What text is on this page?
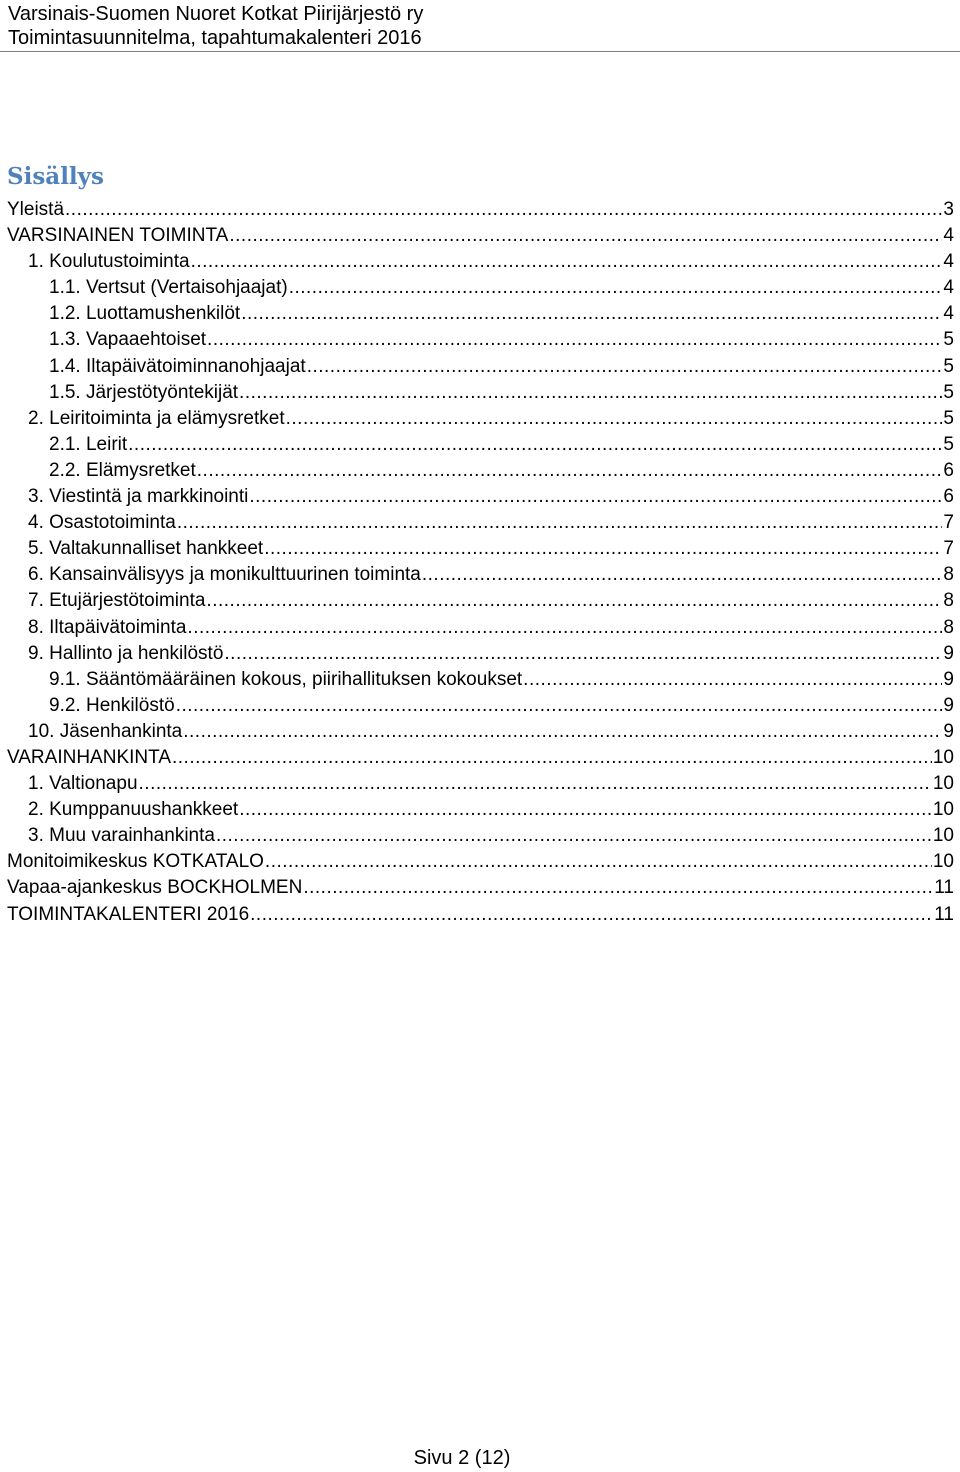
Varsinais-Suomen Nuoret Kotkat Piirijärjestö ry
Toimintasuunnitelma, tapahtumakalenteri 2016
Sisällys
Yleistä .....	3
VARSINAINEN TOIMINTA .....	4
1. Koulutustoiminta .....	4
1.1. Vertsut (Vertaisohjaajat) .....	4
1.2. Luottamushenkilöt .....	4
1.3. Vapaaehtoiset .....	5
1.4. Iltapäivätoiminnanohjaajat .....	5
1.5. Järjestötyöntekijät .....	5
2. Leiritoiminta ja elämysretket .....	5
2.1. Leirit .....	5
2.2. Elämysretket .....	6
3. Viestintä ja markkinointi .....	6
4. Osastotoiminta .....	7
5. Valtakunnalliset hankkeet .....	7
6. Kansainvälisyys ja monikulttuurinen toiminta .....	8
7. Etujärjestötoiminta .....	8
8. Iltapäivätoiminta .....	8
9. Hallinto ja henkilöstö .....	9
9.1. Sääntömääräinen kokous, piirihallituksen kokoukset .....	9
9.2. Henkilöstö .....	9
10. Jäsenhankinta .....	9
VARAINHANKINTA .....	10
1. Valtionapu .....	10
2. Kumppanuushankkeet .....	10
3. Muu varainhankinta .....	10
Monitoimikeskus KOTKATALO .....	10
Vapaa-ajankeskus BOCKHOLMEN .....	11
TOIMINTAKALENTERI 2016 .....	11
Sivu 2 (12)
